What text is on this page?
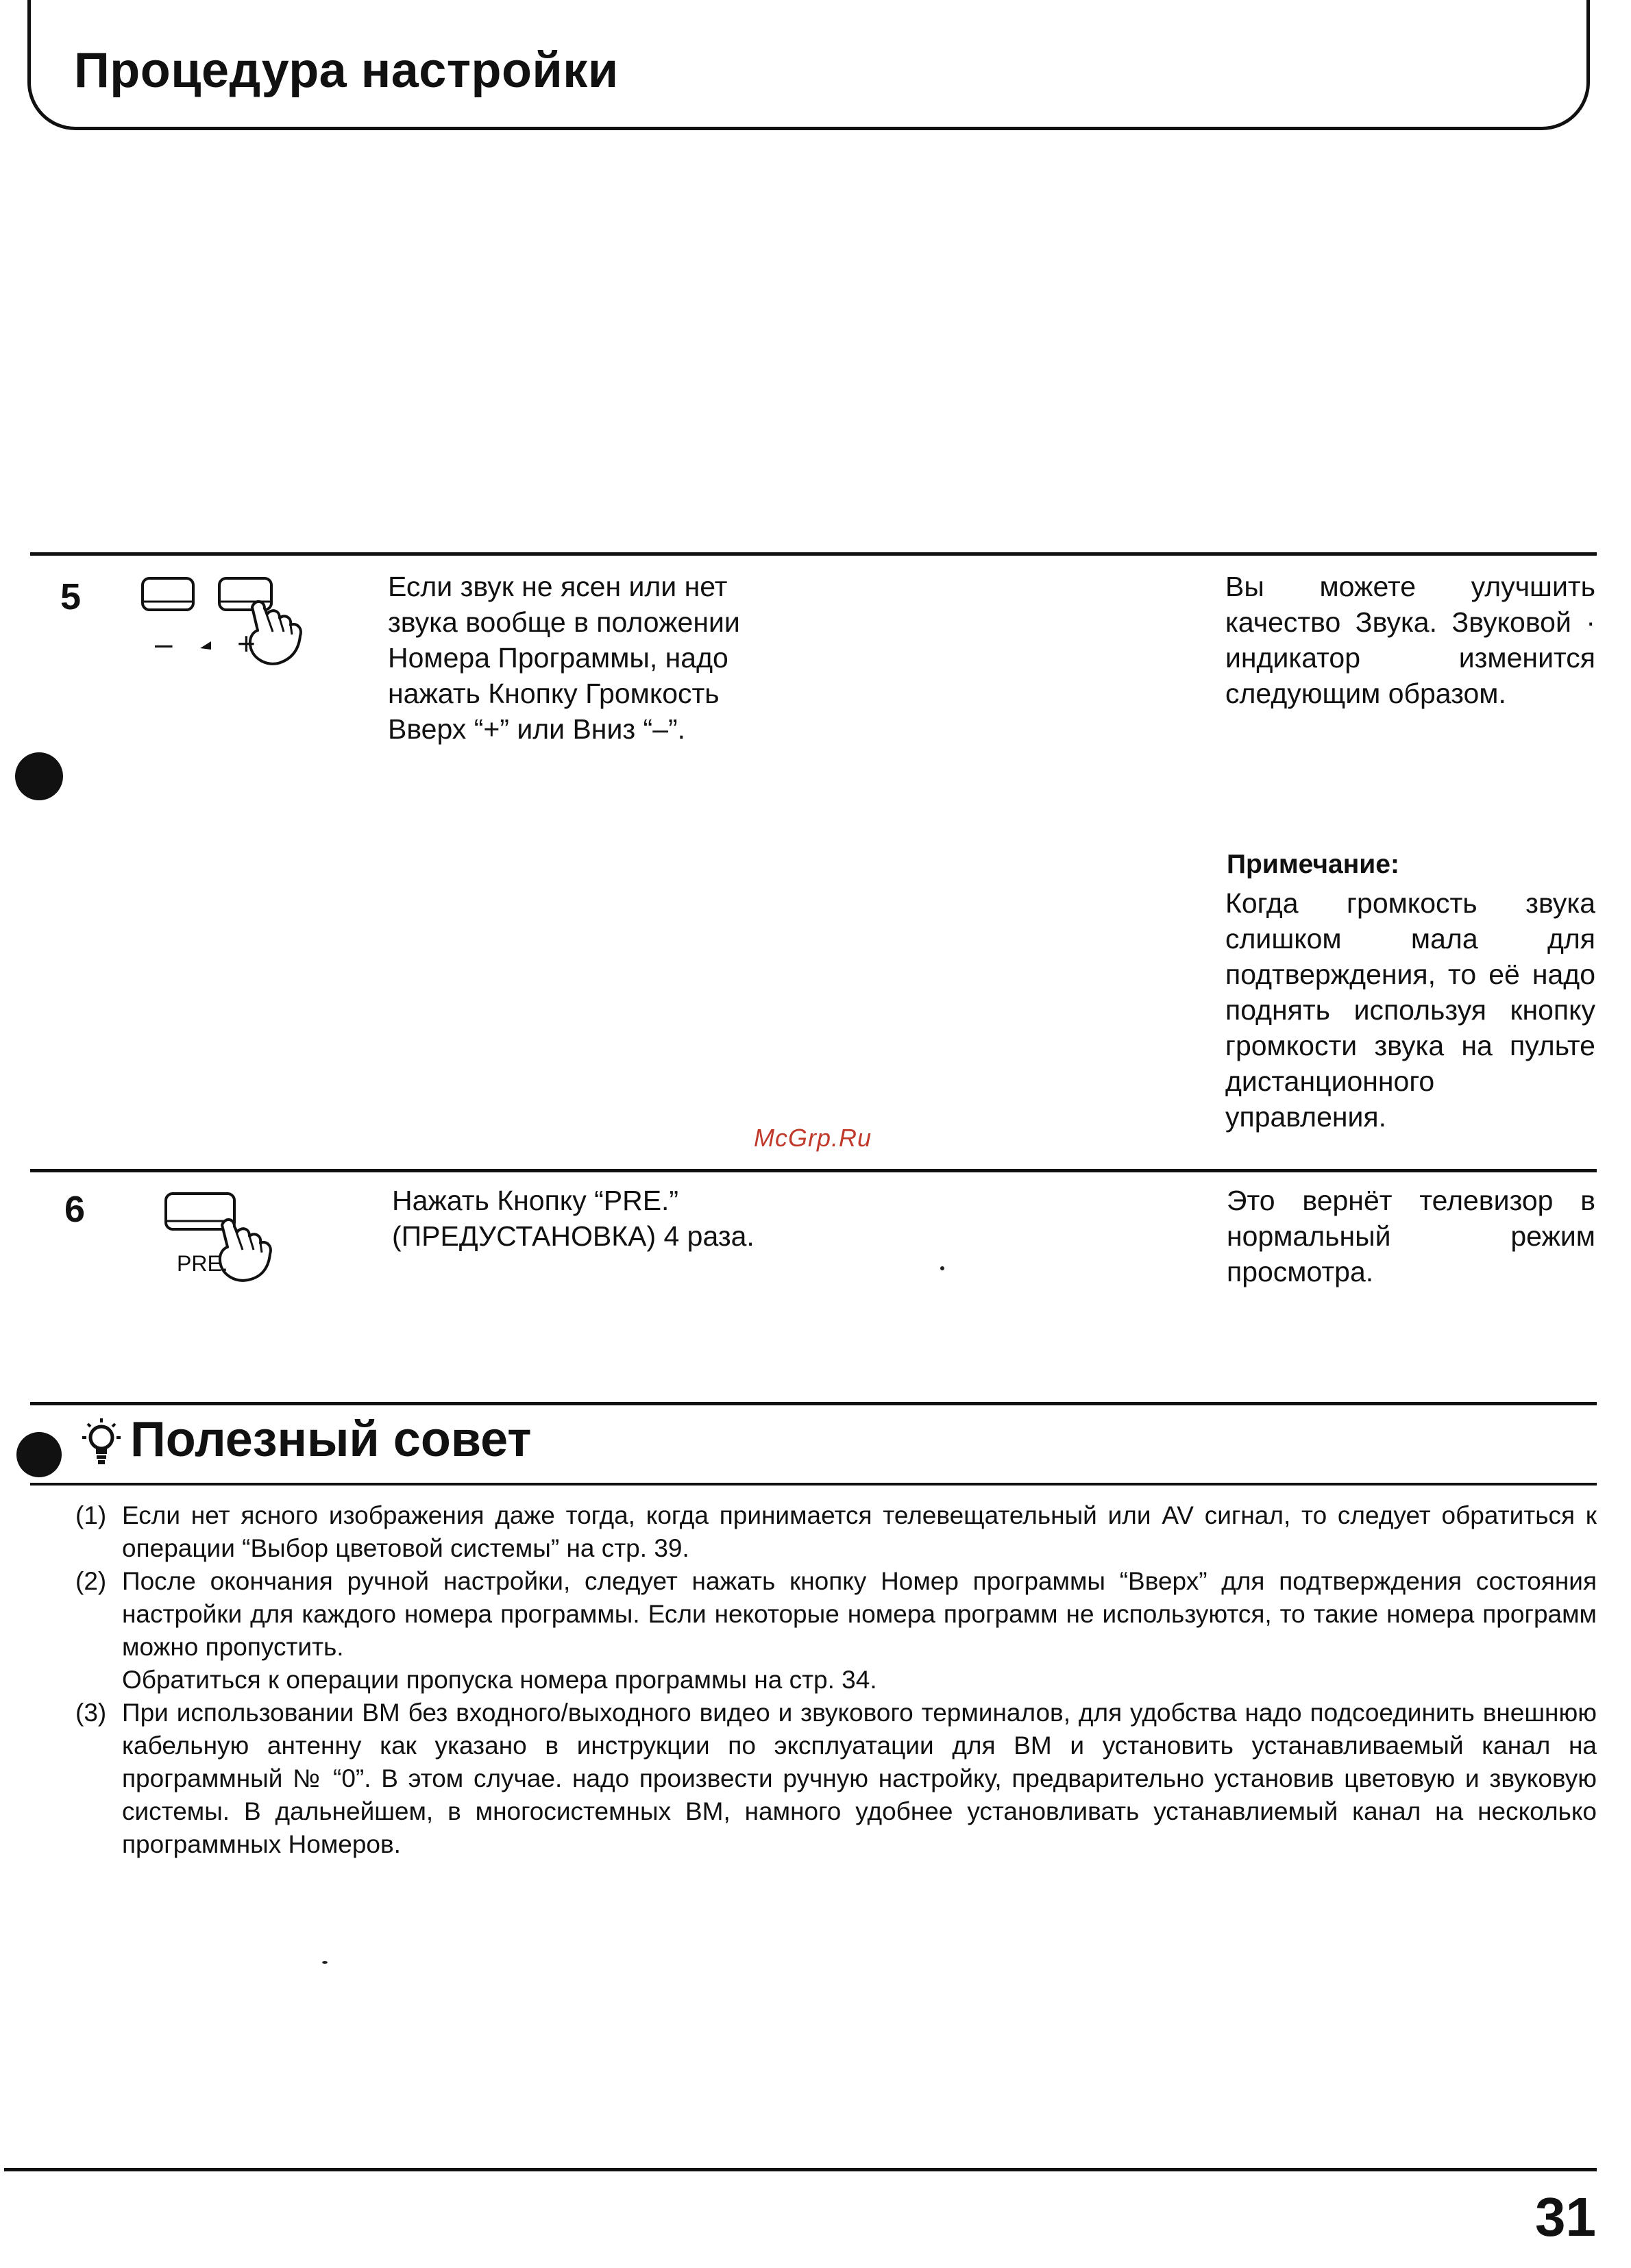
Процедура настройки
5
– +
Если звук не ясен или нет звука вообще в положении Номера Программы, надо нажать Кнопку Громкость Вверх “+” или Вниз “–”.
Вы можете улучшить качество Звука. Звуковой · индикатор изменится следующим образом.
Примечание:
Когда громкость звука слишком мала для подтверждения, то её надо поднять используя кнопку громкости звука на пульте дистанционного управления.
McGrp.Ru
6
PRE.
Нажать Кнопку “PRE.” (ПРЕДУСТАНОВКА) 4 раза.
Это вернёт телевизор в нормальный режим просмотра.
Полезный совет
(1) Если нет ясного изображения даже тогда, когда принимается телевещательный или AV сигнал, то следует обратиться к операции “Выбор цветовой системы” на стр. 39.
(2) После окончания ручной настройки, следует нажать кнопку Номер программы “Вверх” для подтверждения состояния настройки для каждого номера программы. Если некоторые номера программ не используются, то такие номера программ можно пропустить.
Обратиться к операции пропуска номера программы на стр. 34.
(3) При использовании ВМ без входного/выходного видео и звукового терминалов, для удобства надо подсоединить внешнюю кабельную антенну как указано в инструкции по эксплуатации для ВМ и установить устанавливаемый канал на программный № “0”. В этом случае. надо произвести ручную настройку, предварительно установив цветовую и звуковую системы. В дальнейшем, в многосистемных ВМ, намного удобнее установливать устанавлиемый канал на несколько программных Номеров.
31
